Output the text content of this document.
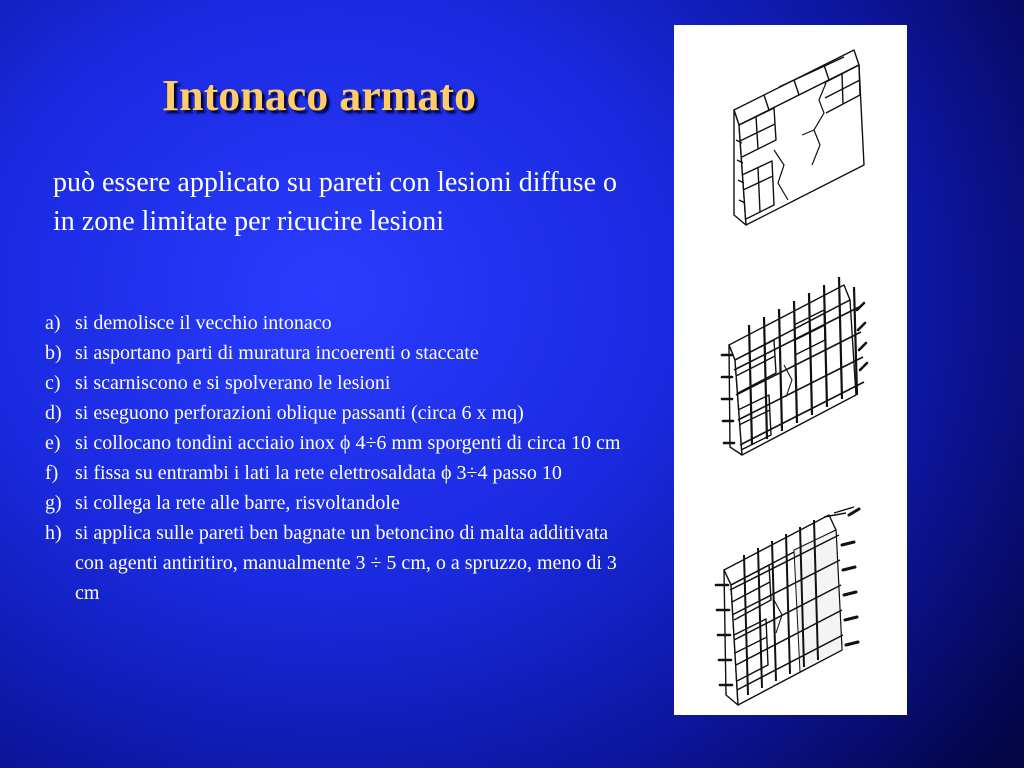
Intonaco armato

può essere applicato su pareti con lesioni diffuse o in zone limitate per ricucire lesioni

a) si demolisce il vecchio intonaco
b) si asportano parti di muratura incoerenti o staccate
c) si scarniscono e si spolverano le lesioni
d) si eseguono perforazioni oblique passanti (circa 6 x mq)
e) si collocano tondini acciaio inox ϕ 4÷6 mm sporgenti di circa 10 cm
f) si fissa su entrambi i lati la rete elettrosaldata ϕ 3÷4 passo 10
g) si collega la rete alle barre, risvoltandole
h) si applica sulle pareti ben bagnate un betoncino di malta additivata con agenti antiritiro, manualmente 3 ÷ 5 cm, o a spruzzo, meno di 3 cm
